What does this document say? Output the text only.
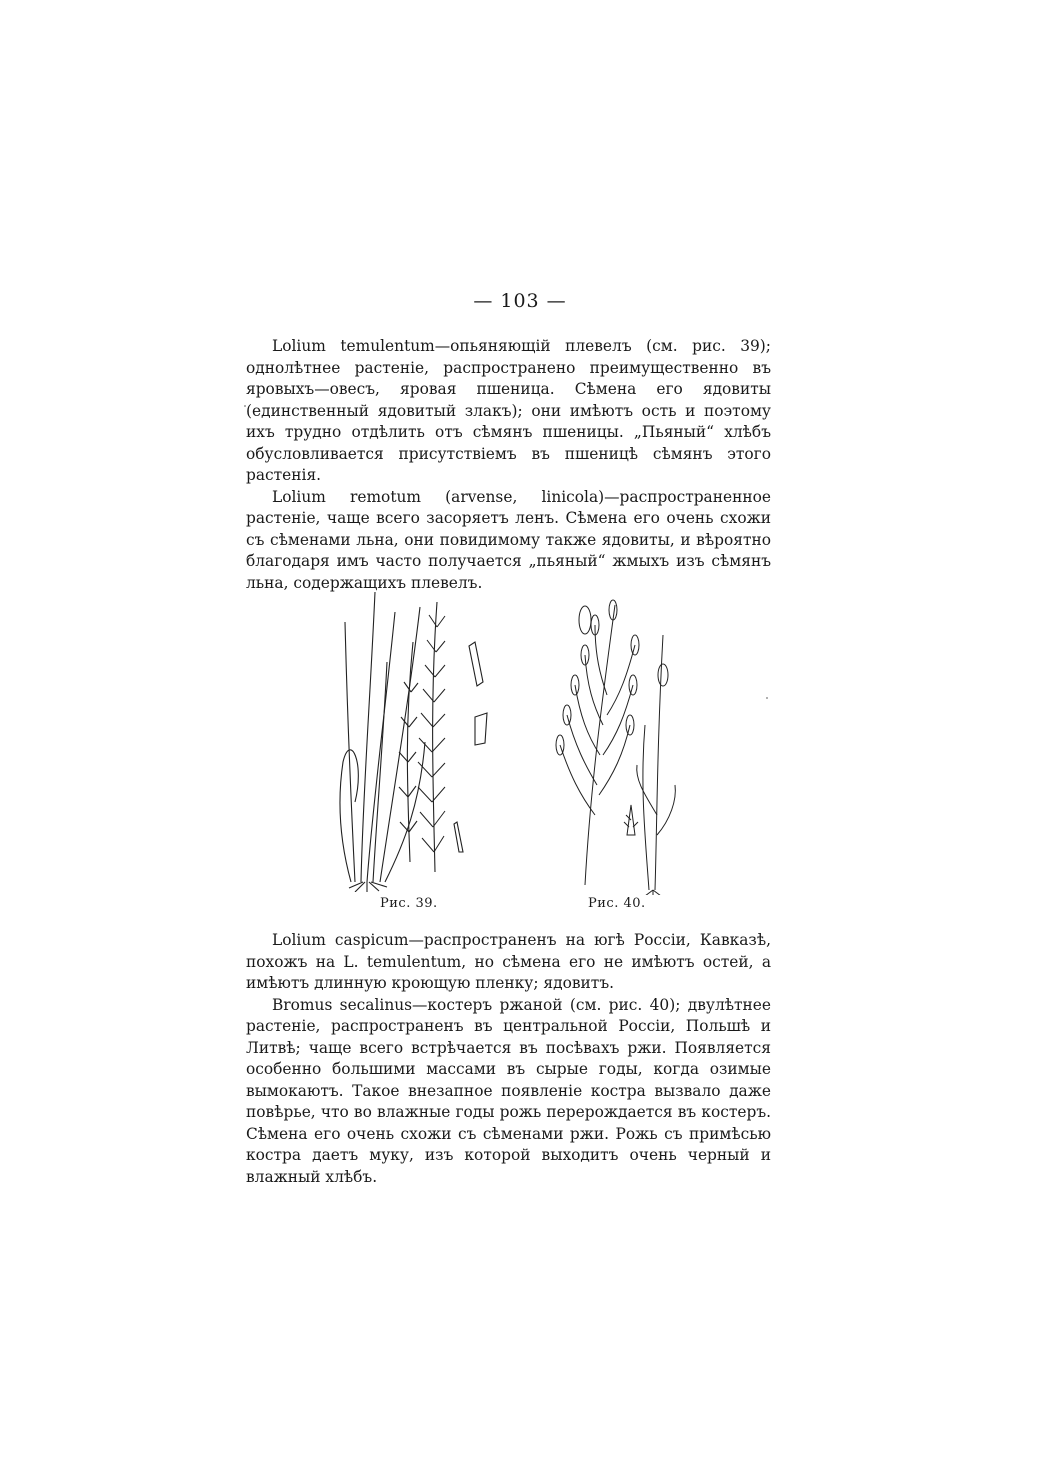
— 103 —

Lolium temulentum—опьяняющій плевелъ (см. рис. 39); однолѣтнее растеніе, распространено преимущественно въ яровыхъ—овесъ, яровая пшеница. Сѣмена его ядовиты (единственный ядовитый злакъ); они имѣютъ ость и поэтому ихъ трудно отдѣлить отъ сѣмянъ пшеницы. „Пьяный“ хлѣбъ обусловливается присутствіемъ въ пшеницѣ сѣмянъ этого растенія.

Lolium remotum (arvense, linicola)—распространенное растеніе, чаще всего засоряетъ ленъ. Сѣмена его очень схожи съ сѣменами льна, они повидимому также ядовиты, и вѣроятно благодаря имъ часто получается „пьяный“ жмыхъ изъ сѣмянъ льна, содержащихъ плевелъ.

Рис. 39.	Рис. 40.

Lolium caspicum—распространенъ на югѣ Россіи, Кавказѣ, похожъ на L. temulentum, но сѣмена его не имѣютъ остей, а имѣютъ длинную кроющую пленку; ядовитъ.

Bromus secalinus—костеръ ржаной (см. рис. 40); двулѣтнее растеніе, распространенъ въ центральной Россіи, Польшѣ и Литвѣ; чаще всего встрѣчается въ посѣвахъ ржи. Появляется особенно большими массами въ сырые годы, когда озимые вымокаютъ. Такое внезапное появленіе костра вызвало даже повѣрье, что во влажные годы рожь перерождается въ костеръ. Сѣмена его очень схожи съ сѣменами ржи. Рожь съ примѣсью костра даетъ муку, изъ которой выходитъ очень черный и влажный хлѣбъ.
